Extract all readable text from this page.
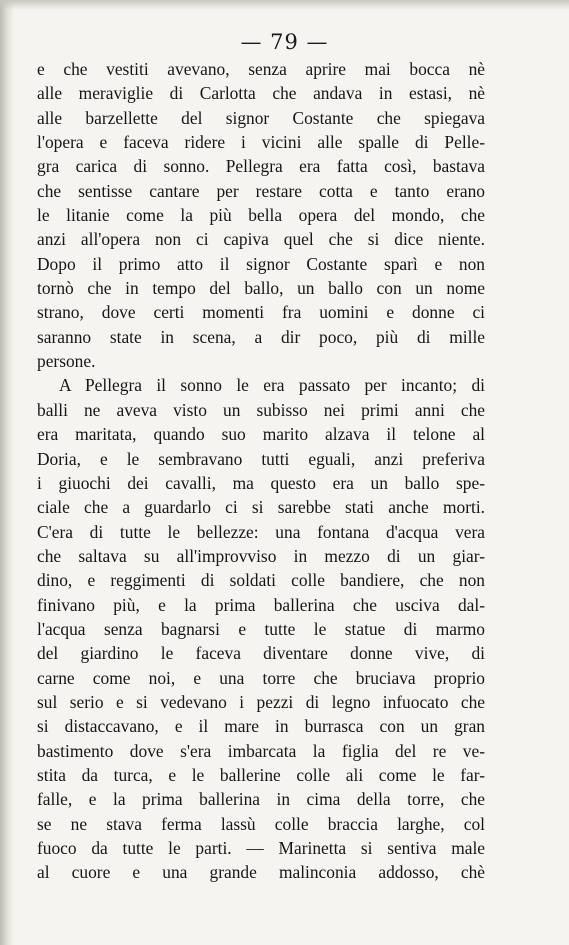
— 79 —
e che vestiti avevano, senza aprire mai bocca nè
alle meraviglie di Carlotta che andava in estasi, nè
alle barzellette del signor Costante che spiegava
l'opera e faceva ridere i vicini alle spalle di Pelle-
gra carica di sonno. Pellegra era fatta così, bastava
che sentisse cantare per restare cotta e tanto erano
le litanie come la più bella opera del mondo, che
anzi all'opera non ci capiva quel che si dice niente.
Dopo il primo atto il signor Costante sparì e non
tornò che in tempo del ballo, un ballo con un nome
strano, dove certi momenti fra uomini e donne ci
saranno state in scena, a dir poco, più di mille
persone.
A Pellegra il sonno le era passato per incanto; di
balli ne aveva visto un subisso nei primi anni che
era maritata, quando suo marito alzava il telone al
Doria, e le sembravano tutti eguali, anzi preferiva
i giuochi dei cavalli, ma questo era un ballo spe-
ciale che a guardarlo ci si sarebbe stati anche morti.
C'era di tutte le bellezze: una fontana d'acqua vera
che saltava su all'improvviso in mezzo di un giar-
dino, e reggimenti di soldati colle bandiere, che non
finivano più, e la prima ballerina che usciva dal-
l'acqua senza bagnarsi e tutte le statue di marmo
del giardino le faceva diventare donne vive, di
carne come noi, e una torre che bruciava proprio
sul serio e si vedevano i pezzi di legno infuocato che
si distaccavano, e il mare in burrasca con un gran
bastimento dove s'era imbarcata la figlia del re ve-
stita da turca, e le ballerine colle ali come le far-
falle, e la prima ballerina in cima della torre, che
se ne stava ferma lassù colle braccia larghe, col
fuoco da tutte le parti. — Marinetta si sentiva male
al cuore e una grande malinconia addosso, chè
